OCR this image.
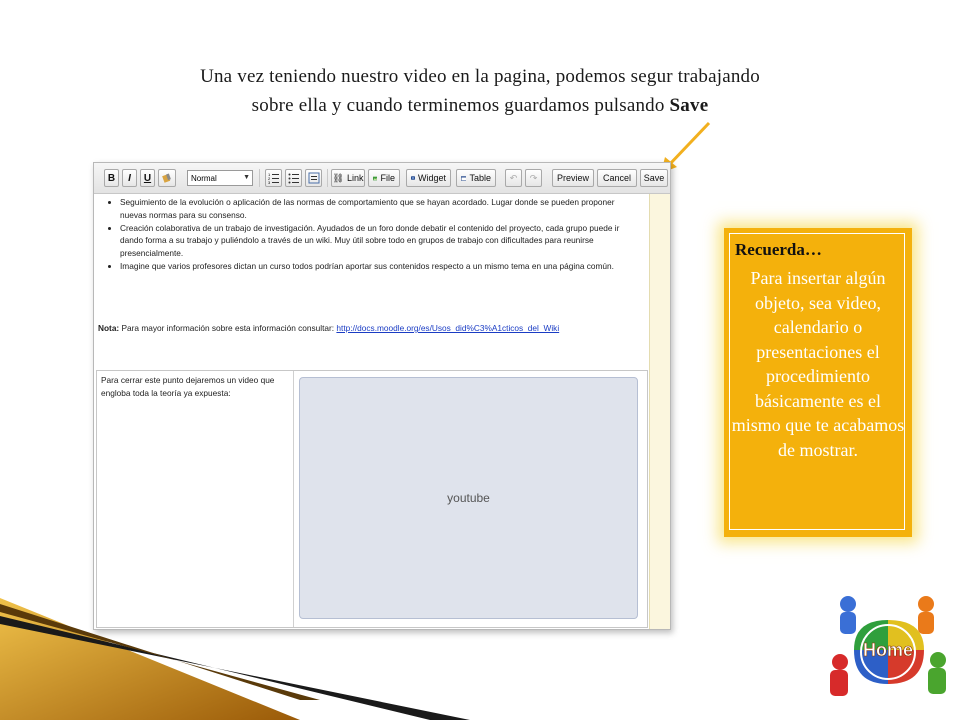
Una vez teniendo nuestro video en la pagina, podemos segur trabajando
sobre ella y cuando terminemos guardamos pulsando Save
B	I	U	Normal	▼	1
2
3	⛓ Link File	Widget	Table ↶ ↷	Preview	Cancel	Save
• Seguimiento de la evolución o aplicación de las normas de comportamiento que se hayan acordado. Lugar donde se pueden proponer nuevas normas para su consenso.
• Creación colaborativa de un trabajo de investigación. Ayudados de un foro donde debatir el contenido del proyecto, cada grupo puede ir dando forma a su trabajo y puliéndolo a través de un wiki. Muy útil sobre todo en grupos de trabajo con dificultades para reunirse presencialmente.
• Imagine que varios profesores dictan un curso todos podrían aportar sus contenidos respecto a un mismo tema en una página común.
Nota: Para mayor información sobre esta información consultar: http://docs.moodle.org/es/Usos_did%C3%A1cticos_del_Wiki
Para cerrar este punto dejaremos un video que engloba toda la teoría ya expuesta:
youtube
Recuerda…
Para insertar algún objeto, sea video, calendario o presentaciones el procedimiento básicamente es el mismo que te acabamos de mostrar.
Home
